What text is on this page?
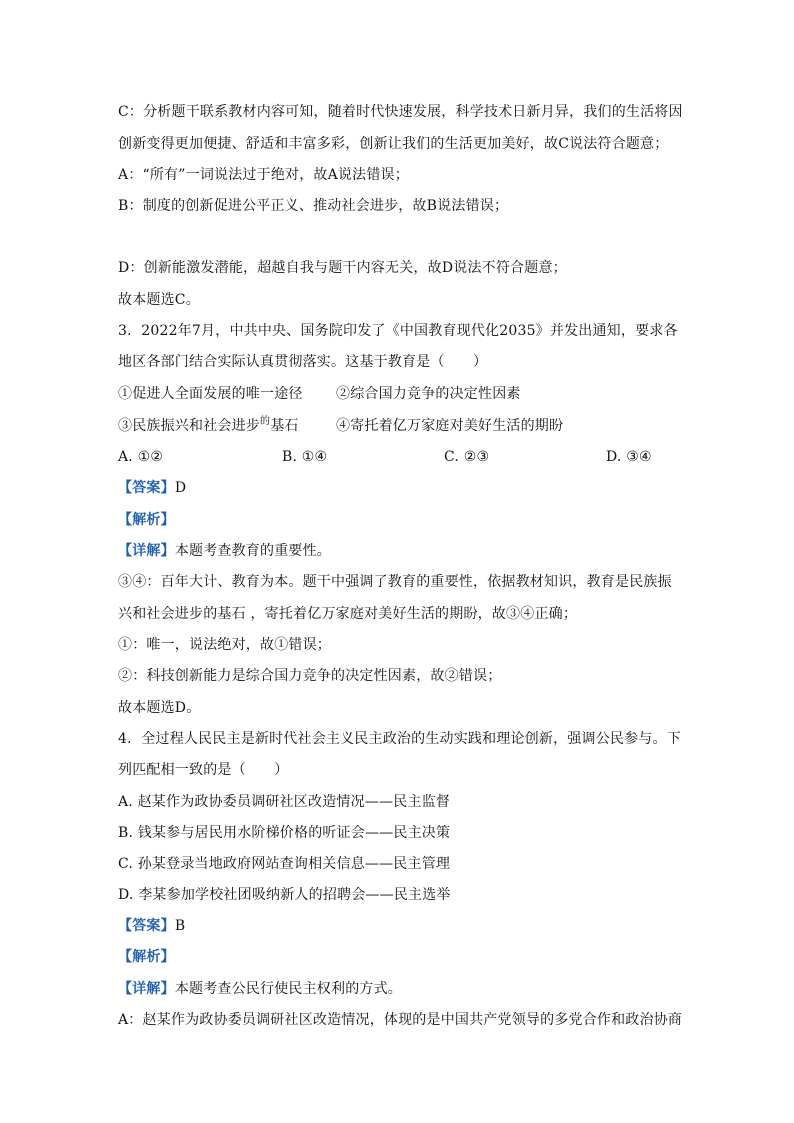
C：分析题干联系教材内容可知，随着时代快速发展，科学技术日新月异，我们的生活将因
创新变得更加便捷、舒适和丰富多彩，创新让我们的生活更加美好，故C说法符合题意；
A：“所有”一词说法过于绝对，故A说法错误；
B：制度的创新促进公平正义、推动社会进步，故B说法错误；
D：创新能激发潜能，超越自我与题干内容无关，故D说法不符合题意；
故本题选C。
3．2022年7月，中共中央、国务院印发了《中国教育现代化2035》并发出通知，要求各
地区各部门结合实际认真贯彻落实。这基于教育是（　　）
①促进人全面发展的唯一途径 ②综合国力竞争的决定性因素
③民族振兴和社会进步$^的$基石	④寄托着亿万家庭对美好生活的期盼
A. ①②	B. ①④	C. ②③	D. ③④
【答案】D
【解析】
【详解】本题考查教育的重要性。
③④：百年大计、教育为本。题干中强调了教育的重要性，依据教材知识，教育是民族振
兴和社会进步的基石 ，寄托着亿万家庭对美好生活的期盼，故③④正确；
①：唯一，说法绝对，故①错误；
②：科技创新能力是综合国力竞争的决定性因素，故②错误；
故本题选D。
4．全过程人民民主是新时代社会主义民主政治的生动实践和理论创新，强调公民参与。下
列匹配相一致的是（　　）
A. 赵某作为政协委员调研社区改造情况——民主监督
B. 钱某参与居民用水阶梯价格的听证会——民主决策
C. 孙某登录当地政府网站查询相关信息——民主管理
D. 李某参加学校社团吸纳新人的招聘会——民主选举
【答案】B
【解析】
【详解】本题考查公民行使民主权利的方式。
A：赵某作为政协委员调研社区改造情况，体现的是中国共产党领导的多党合作和政治协商
